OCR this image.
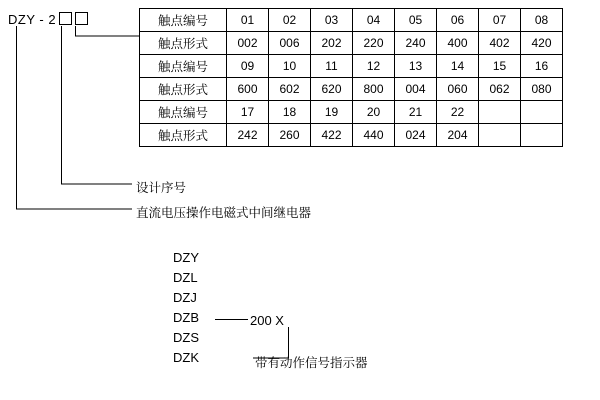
DZY - 2	触点编号	01	02	03	04	05	06	07	08
触点形式	002	006	202	220	240	400	402	420
触点编号	09	10	11	12	13	14	15	16
触点形式	600	602	620	800	004	060	062	080
触点编号	17	18	19	20	21	22		
触点形式	242	260	422	440	024	204		
设计序号
直流电压操作电磁式中间继电器
DZY
DZL
DZJ
DZB
DZS
DZK
200 X
带有动作信号指示器
